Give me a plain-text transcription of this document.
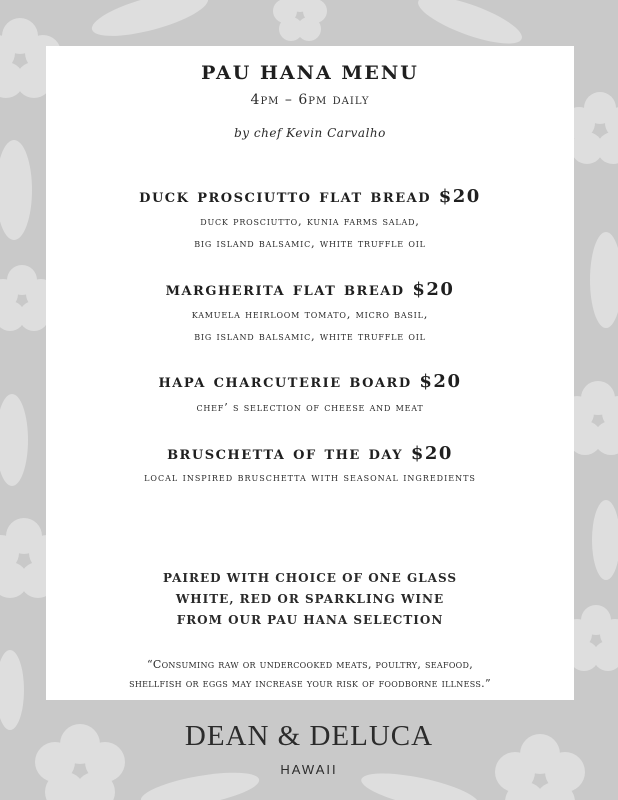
PAU HANA MENU
4pm – 6pm daily
by chef Kevin Carvalho
duck prosciutto flat bread $20
duck prosciutto, kunia farms salad,
big island balsamic, white truffle oil
margherita flat bread $20
kamuela heirloom tomato, micro basil,
big island balsamic, white truffle oil
hapa charcuterie board $20
chef’ s selection of cheese and meat
bruschetta of the day $20
local inspired bruschetta with seasonal ingredients
PAIRED WITH CHOICE OF ONE GLASS
WHITE, RED OR SPARKLING WINE
FROM OUR PAU HANA SELECTION
“Consuming raw or undercooked meats, poultry, seafood,
shellfish or eggs may increase your risk of foodborne illness.”
DEAN & DELUCA
HAWAII
